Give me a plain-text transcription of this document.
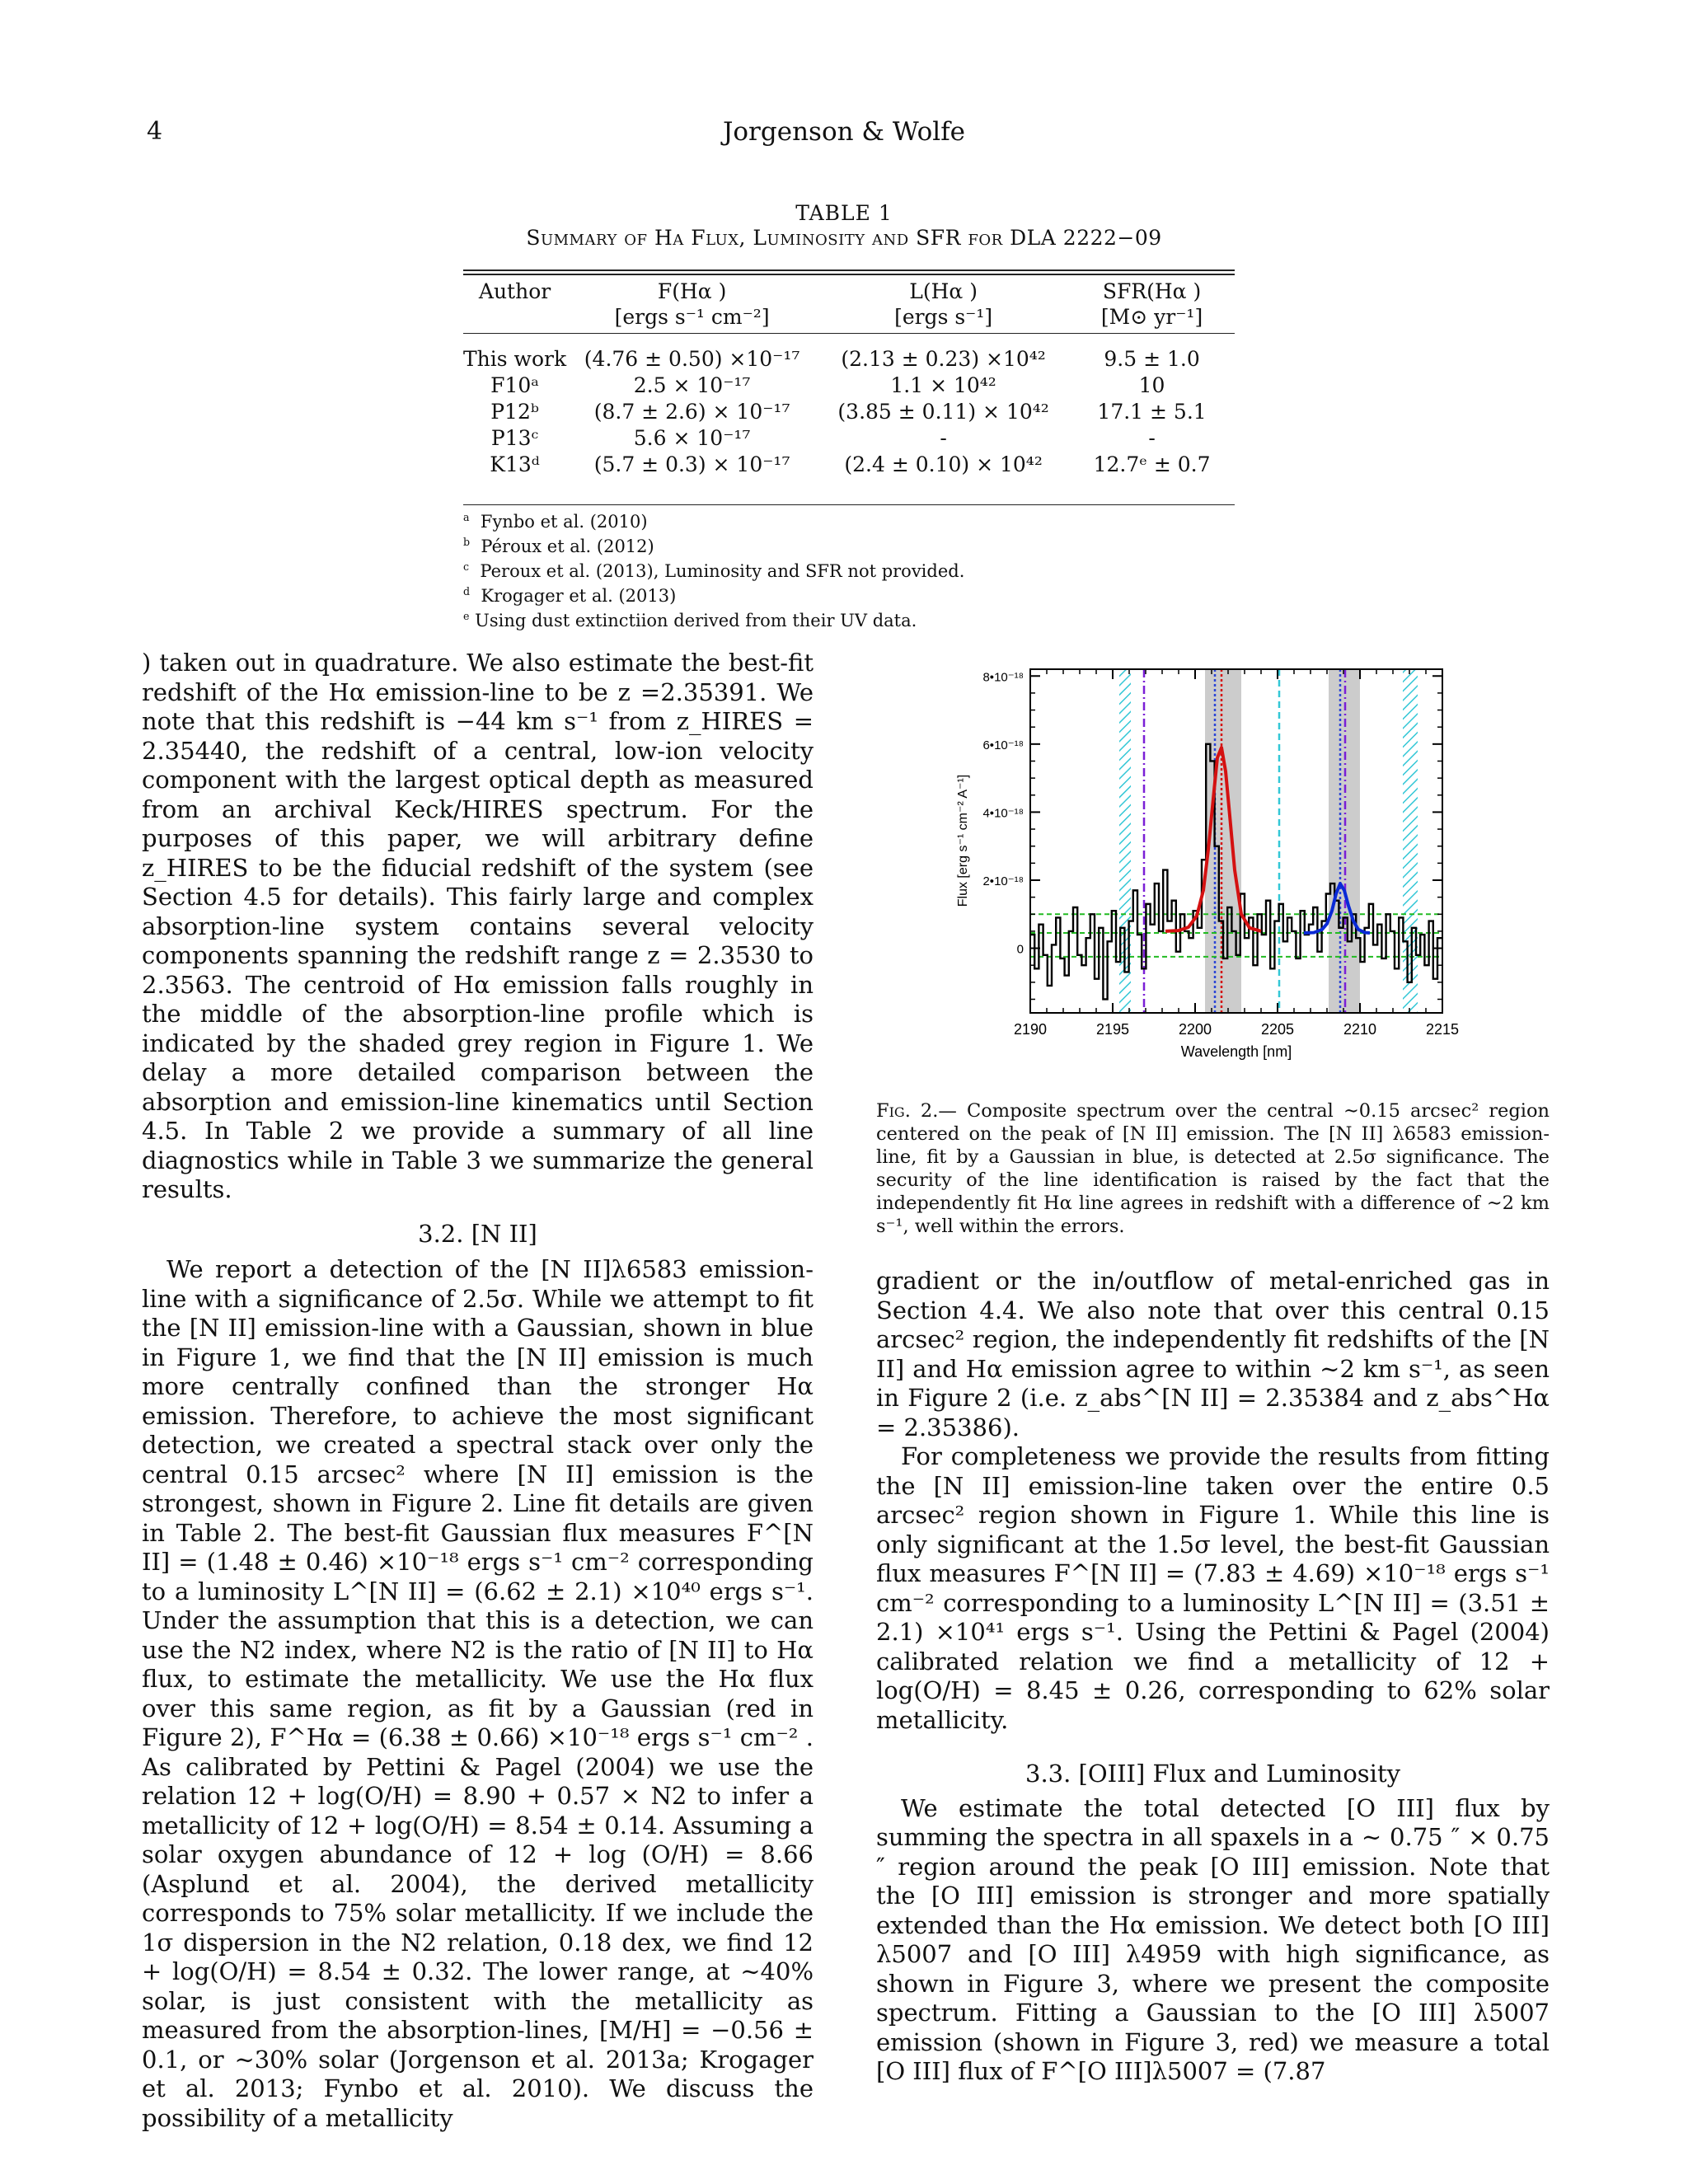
4	Jorgenson & Wolfe
TABLE 1
Summary of Hα Flux, Luminosity and SFR for DLA 2222−09
Author	F(Hα )	L(Hα )	SFR(Hα )
	[ergs s⁻¹ cm⁻²]	[ergs s⁻¹]	[M⊙ yr⁻¹]

This work	(4.76 ± 0.50) ×10⁻¹⁷	(2.13 ± 0.23) ×10⁴²	9.5 ± 1.0
F10ᵃ	2.5 × 10⁻¹⁷	1.1 × 10⁴²	10
P12ᵇ	(8.7 ± 2.6) × 10⁻¹⁷	(3.85 ± 0.11) × 10⁴²	17.1 ± 5.1
P13ᶜ	5.6 × 10⁻¹⁷	-	-
K13ᵈ	(5.7 ± 0.3) × 10⁻¹⁷	(2.4 ± 0.10) × 10⁴²	12.7ᵉ ± 0.7
$^a$ Fynbo et al. (2010)
$^b$ Péroux et al. (2012)
$^c$ Peroux et al. (2013), Luminosity and SFR not provided.
$^d$ Krogager et al. (2013)
$^e$ Using dust extinctiion derived from their UV data.

) taken out in quadrature. We also estimate the best-fit redshift of the Hα emission-line to be z =2.35391. We note that this redshift is −44 km s⁻¹ from z_HIRES = 2.35440, the redshift of a central, low-ion velocity component with the largest optical depth as measured from an archival Keck/HIRES spectrum. For the purposes of this paper, we will arbitrary define z_HIRES to be the fiducial redshift of the system (see Section 4.5 for details). This fairly large and complex absorption-line system contains several velocity components spanning the redshift range z = 2.3530 to 2.3563. The centroid of Hα emission falls roughly in the middle of the absorption-line profile which is indicated by the shaded grey region in Figure 1. We delay a more detailed comparison between the absorption and emission-line kinematics until Section 4.5. In Table 2 we provide a summary of all line diagnostics while in Table 3 we summarize the general results.

3.2. [N II]

We report a detection of the [N II]λ6583 emission-line with a significance of 2.5σ. While we attempt to fit the [N II] emission-line with a Gaussian, shown in blue in Figure 1, we find that the [N II] emission is much more centrally confined than the stronger Hα emission. Therefore, to achieve the most significant detection, we created a spectral stack over only the central 0.15 arcsec² where [N II] emission is the strongest, shown in Figure 2. Line fit details are given in Table 2. The best-fit Gaussian flux measures F^[N II] = (1.48 ± 0.46) ×10⁻¹⁸ ergs s⁻¹ cm⁻² corresponding to a luminosity L^[N II] = (6.62 ± 2.1) ×10⁴⁰ ergs s⁻¹. Under the assumption that this is a detection, we can use the N2 index, where N2 is the ratio of [N II] to Hα flux, to estimate the metallicity. We use the Hα flux over this same region, as fit by a Gaussian (red in Figure 2), F^Hα = (6.38 ± 0.66) ×10⁻¹⁸ ergs s⁻¹ cm⁻² . As calibrated by Pettini & Pagel (2004) we use the relation 12 + log(O/H) = 8.90 + 0.57 × N2 to infer a metallicity of 12 + log(O/H) = 8.54 ± 0.14. Assuming a solar oxygen abundance of 12 + log (O/H) = 8.66 (Asplund et al. 2004), the derived metallicity corresponds to 75% solar metallicity. If we include the 1σ dispersion in the N2 relation, 0.18 dex, we find 12 + log(O/H) = 8.54 ± 0.32. The lower range, at ∼40% solar, is just consistent with the metallicity as measured from the absorption-lines, [M/H] = −0.56 ± 0.1, or ∼30% solar (Jorgenson et al. 2013a; Krogager et al. 2013; Fynbo et al. 2010). We discuss the possibility of a metallicity

2190	2195	2200	2205	2210	2215
0
2•10⁻¹⁸
4•10⁻¹⁸
6•10⁻¹⁸
8•10⁻¹⁸
Wavelength [nm]
Flux [erg s⁻¹ cm⁻² A⁻¹]
Fig. 2.— Composite spectrum over the central ∼0.15 arcsec² region centered on the peak of [N II] emission. The [N II] λ6583 emission-line, fit by a Gaussian in blue, is detected at 2.5σ significance. The security of the line identification is raised by the fact that the independently fit Hα line agrees in redshift with a difference of ∼2 km s⁻¹, well within the errors.

gradient or the in/outflow of metal-enriched gas in Section 4.4. We also note that over this central 0.15 arcsec² region, the independently fit redshifts of the [N II] and Hα emission agree to within ∼2 km s⁻¹, as seen in Figure 2 (i.e. z_abs^[N II] = 2.35384 and z_abs^Hα = 2.35386).

For completeness we provide the results from fitting the [N II] emission-line taken over the entire 0.5 arcsec² region shown in Figure 1. While this line is only significant at the 1.5σ level, the best-fit Gaussian flux measures F^[N II] = (7.83 ± 4.69) ×10⁻¹⁸ ergs s⁻¹ cm⁻² corresponding to a luminosity L^[N II] = (3.51 ± 2.1) ×10⁴¹ ergs s⁻¹. Using the Pettini & Pagel (2004) calibrated relation we find a metallicity of 12 + log(O/H) = 8.45 ± 0.26, corresponding to 62% solar metallicity.

3.3. [OIII] Flux and Luminosity

We estimate the total detected [O III] flux by summing the spectra in all spaxels in a ∼ 0.75 ″ × 0.75 ″ region around the peak [O III] emission. Note that the [O III] emission is stronger and more spatially extended than the Hα emission. We detect both [O III] λ5007 and [O III] λ4959 with high significance, as shown in Figure 3, where we present the composite spectrum. Fitting a Gaussian to the [O III] λ5007 emission (shown in Figure 3, red) we measure a total [O III] flux of F^[O III]λ5007 = (7.87
